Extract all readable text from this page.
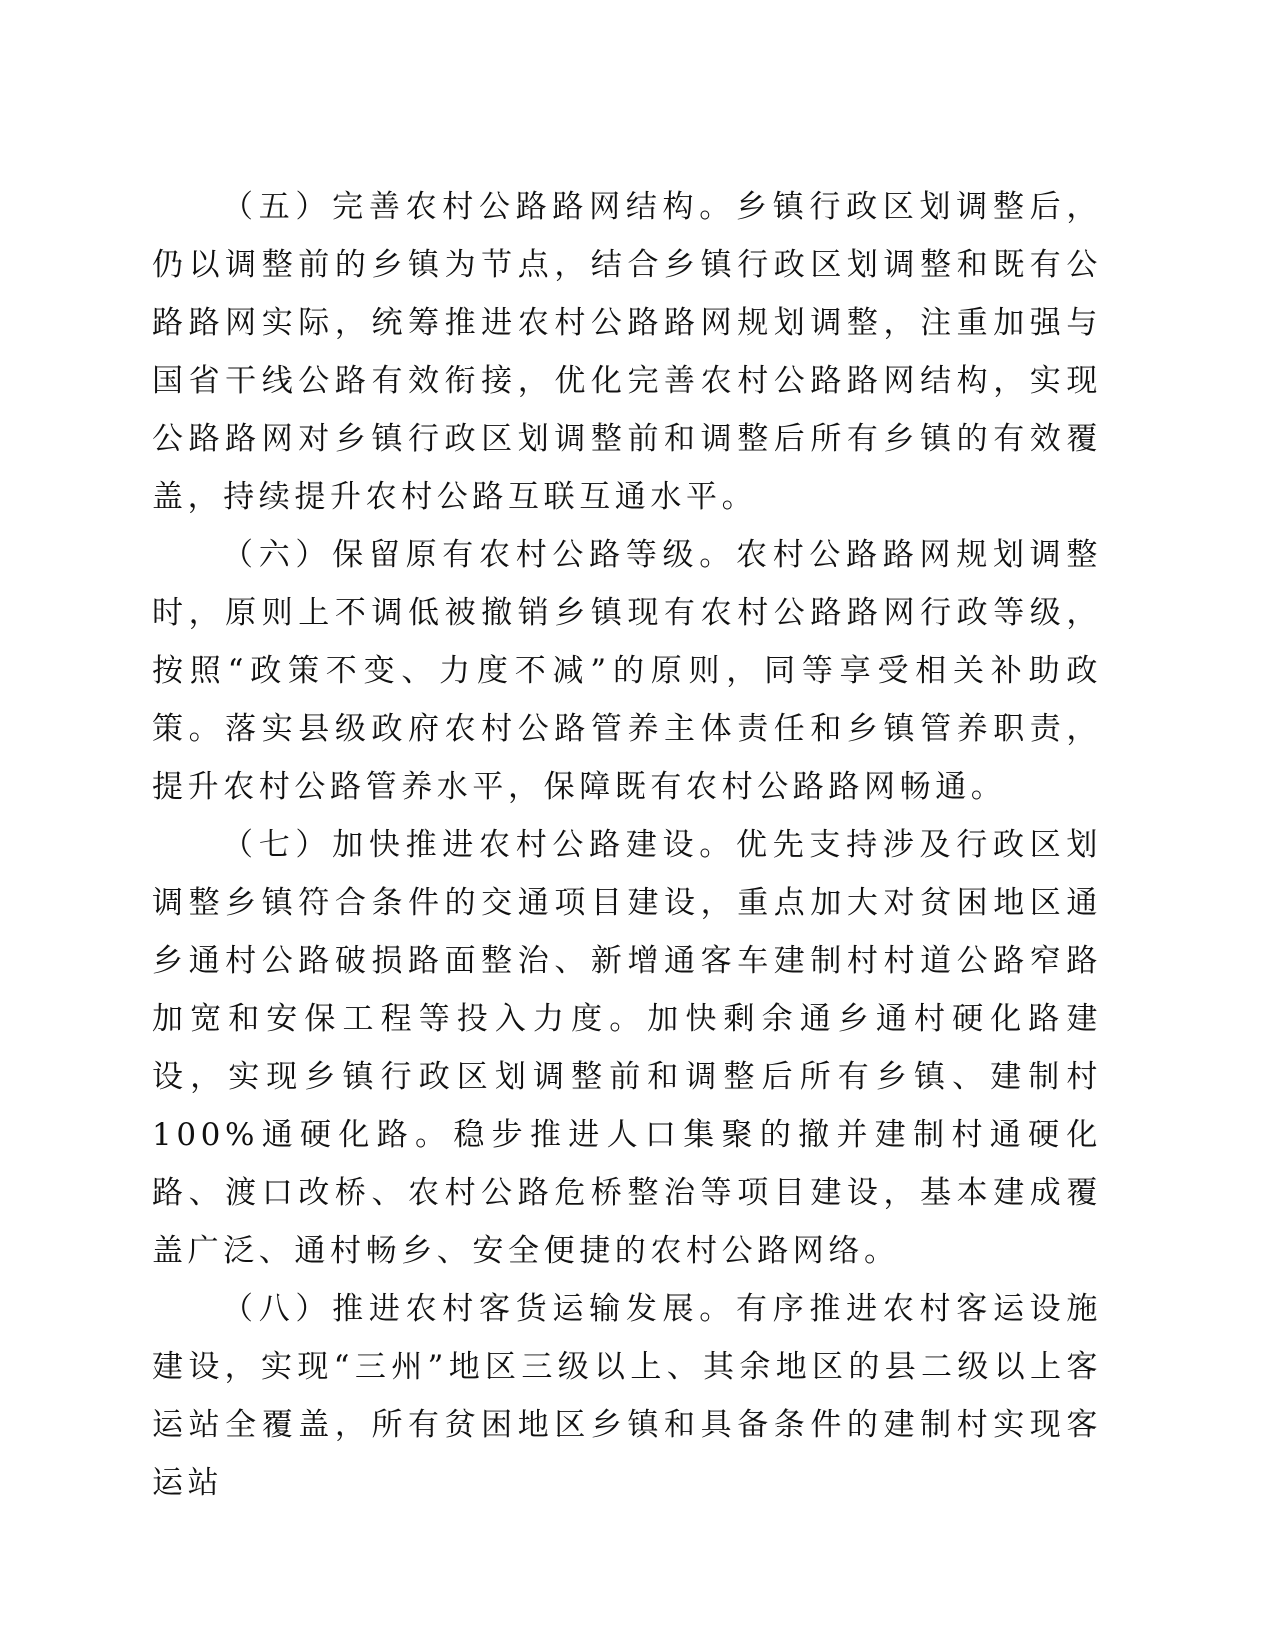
（五）完善农村公路路网结构。乡镇行政区划调整后，仍以调整前的乡镇为节点，结合乡镇行政区划调整和既有公路路网实际，统筹推进农村公路路网规划调整，注重加强与国省干线公路有效衔接，优化完善农村公路路网结构，实现公路路网对乡镇行政区划调整前和调整后所有乡镇的有效覆盖，持续提升农村公路互联互通水平。

（六）保留原有农村公路等级。农村公路路网规划调整时，原则上不调低被撤销乡镇现有农村公路路网行政等级，按照“政策不变、力度不减”的原则，同等享受相关补助政策。落实县级政府农村公路管养主体责任和乡镇管养职责，提升农村公路管养水平，保障既有农村公路路网畅通。

（七）加快推进农村公路建设。优先支持涉及行政区划调整乡镇符合条件的交通项目建设，重点加大对贫困地区通乡通村公路破损路面整治、新增通客车建制村村道公路窄路加宽和安保工程等投入力度。加快剩余通乡通村硬化路建设，实现乡镇行政区划调整前和调整后所有乡镇、建制村100%通硬化路。稳步推进人口集聚的撤并建制村通硬化路、渡口改桥、农村公路危桥整治等项目建设，基本建成覆盖广泛、通村畅乡、安全便捷的农村公路网络。

（八）推进农村客货运输发展。有序推进农村客运设施建设，实现“三州”地区三级以上、其余地区的县二级以上客运站全覆盖，所有贫困地区乡镇和具备条件的建制村实现客运站
